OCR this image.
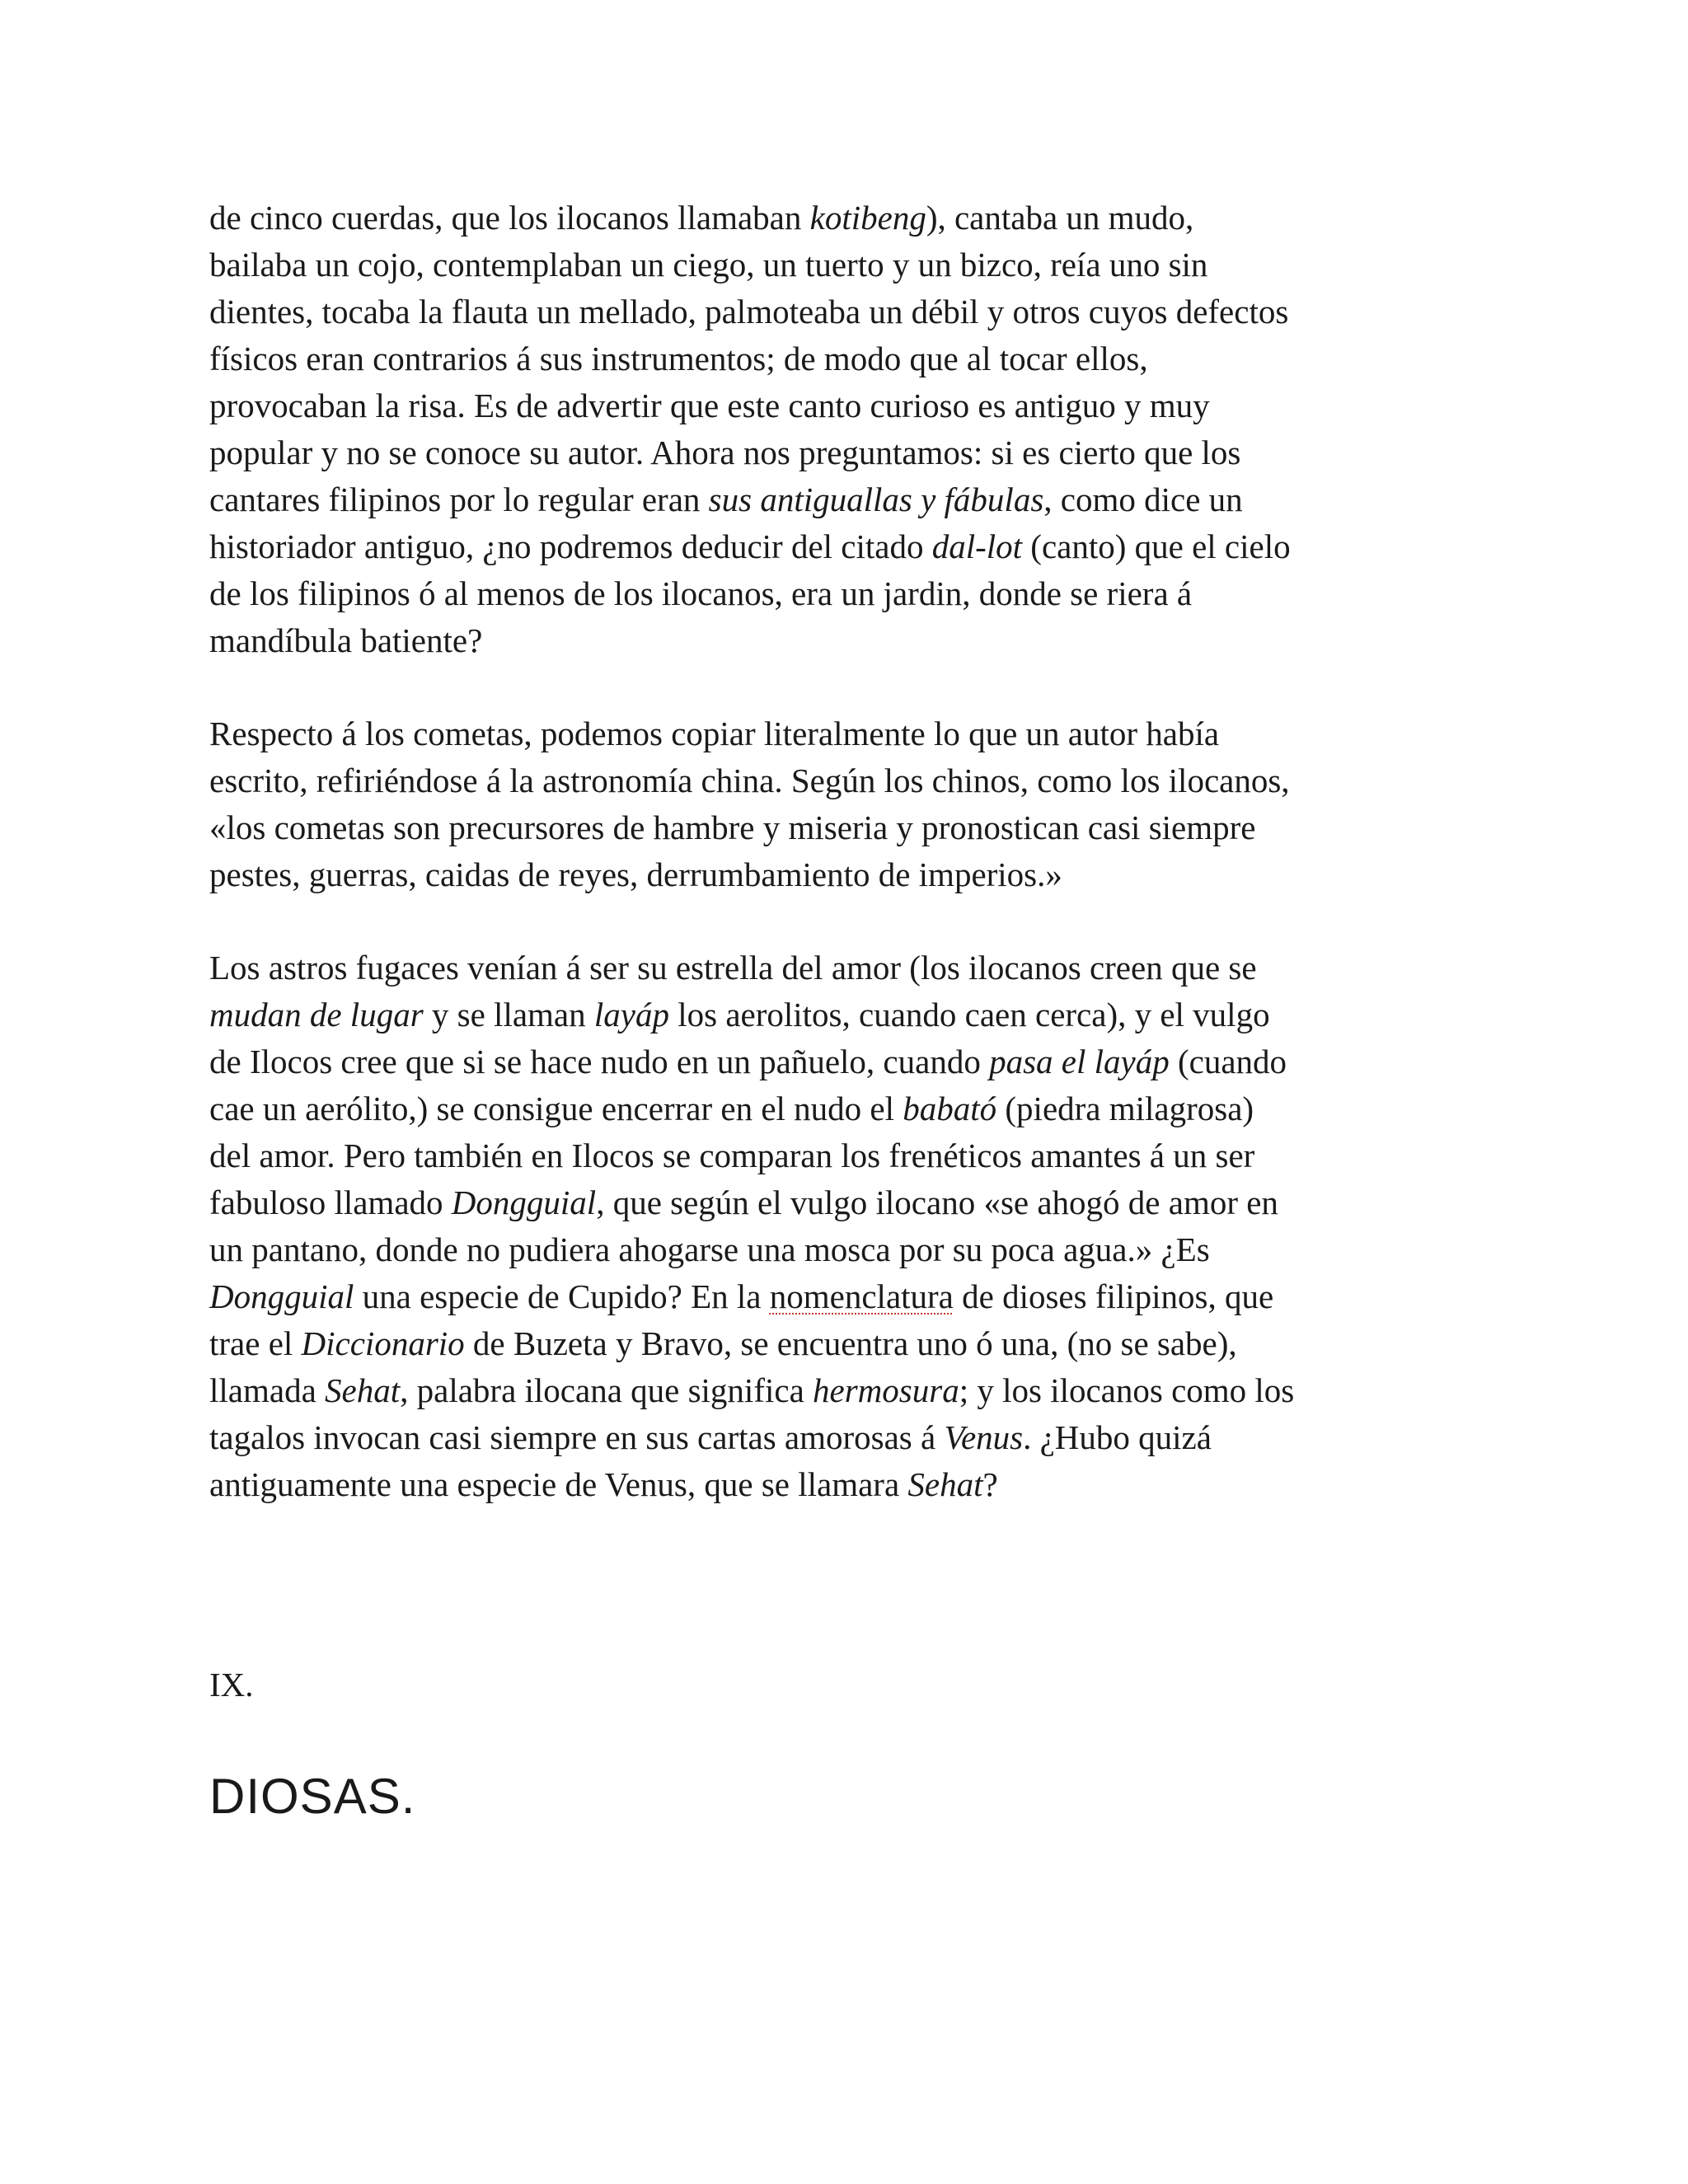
de cinco cuerdas, que los ilocanos llamaban kotibeng), cantaba un mudo,
bailaba un cojo, contemplaban un ciego, un tuerto y un bizco, reía uno sin
dientes, tocaba la flauta un mellado, palmoteaba un débil y otros cuyos defectos
físicos eran contrarios á sus instrumentos; de modo que al tocar ellos,
provocaban la risa. Es de advertir que este canto curioso es antiguo y muy
popular y no se conoce su autor. Ahora nos preguntamos: si es cierto que los
cantares filipinos por lo regular eran sus antiguallas y fábulas, como dice un
historiador antiguo, ¿no podremos deducir del citado dal-lot (canto) que el cielo
de los filipinos ó al menos de los ilocanos, era un jardin, donde se riera á
mandíbula batiente?

Respecto á los cometas, podemos copiar literalmente lo que un autor había
escrito, refiriéndose á la astronomía china. Según los chinos, como los ilocanos,
«los cometas son precursores de hambre y miseria y pronostican casi siempre
pestes, guerras, caidas de reyes, derrumbamiento de imperios.»

Los astros fugaces venían á ser su estrella del amor (los ilocanos creen que se
mudan de lugar y se llaman layáp los aerolitos, cuando caen cerca), y el vulgo
de Ilocos cree que si se hace nudo en un pañuelo, cuando pasa el layáp (cuando
cae un aerólito,) se consigue encerrar en el nudo el babató (piedra milagrosa)
del amor. Pero también en Ilocos se comparan los frenéticos amantes á un ser
fabuloso llamado Dongguial, que según el vulgo ilocano «se ahogó de amor en
un pantano, donde no pudiera ahogarse una mosca por su poca agua.» ¿Es
Dongguial una especie de Cupido? En la nomenclatura de dioses filipinos, que
trae el Diccionario de Buzeta y Bravo, se encuentra uno ó una, (no se sabe),
llamada Sehat, palabra ilocana que significa hermosura; y los ilocanos como los
tagalos invocan casi siempre en sus cartas amorosas á Venus. ¿Hubo quizá
antiguamente una especie de Venus, que se llamara Sehat?

IX.
DIOSAS.
